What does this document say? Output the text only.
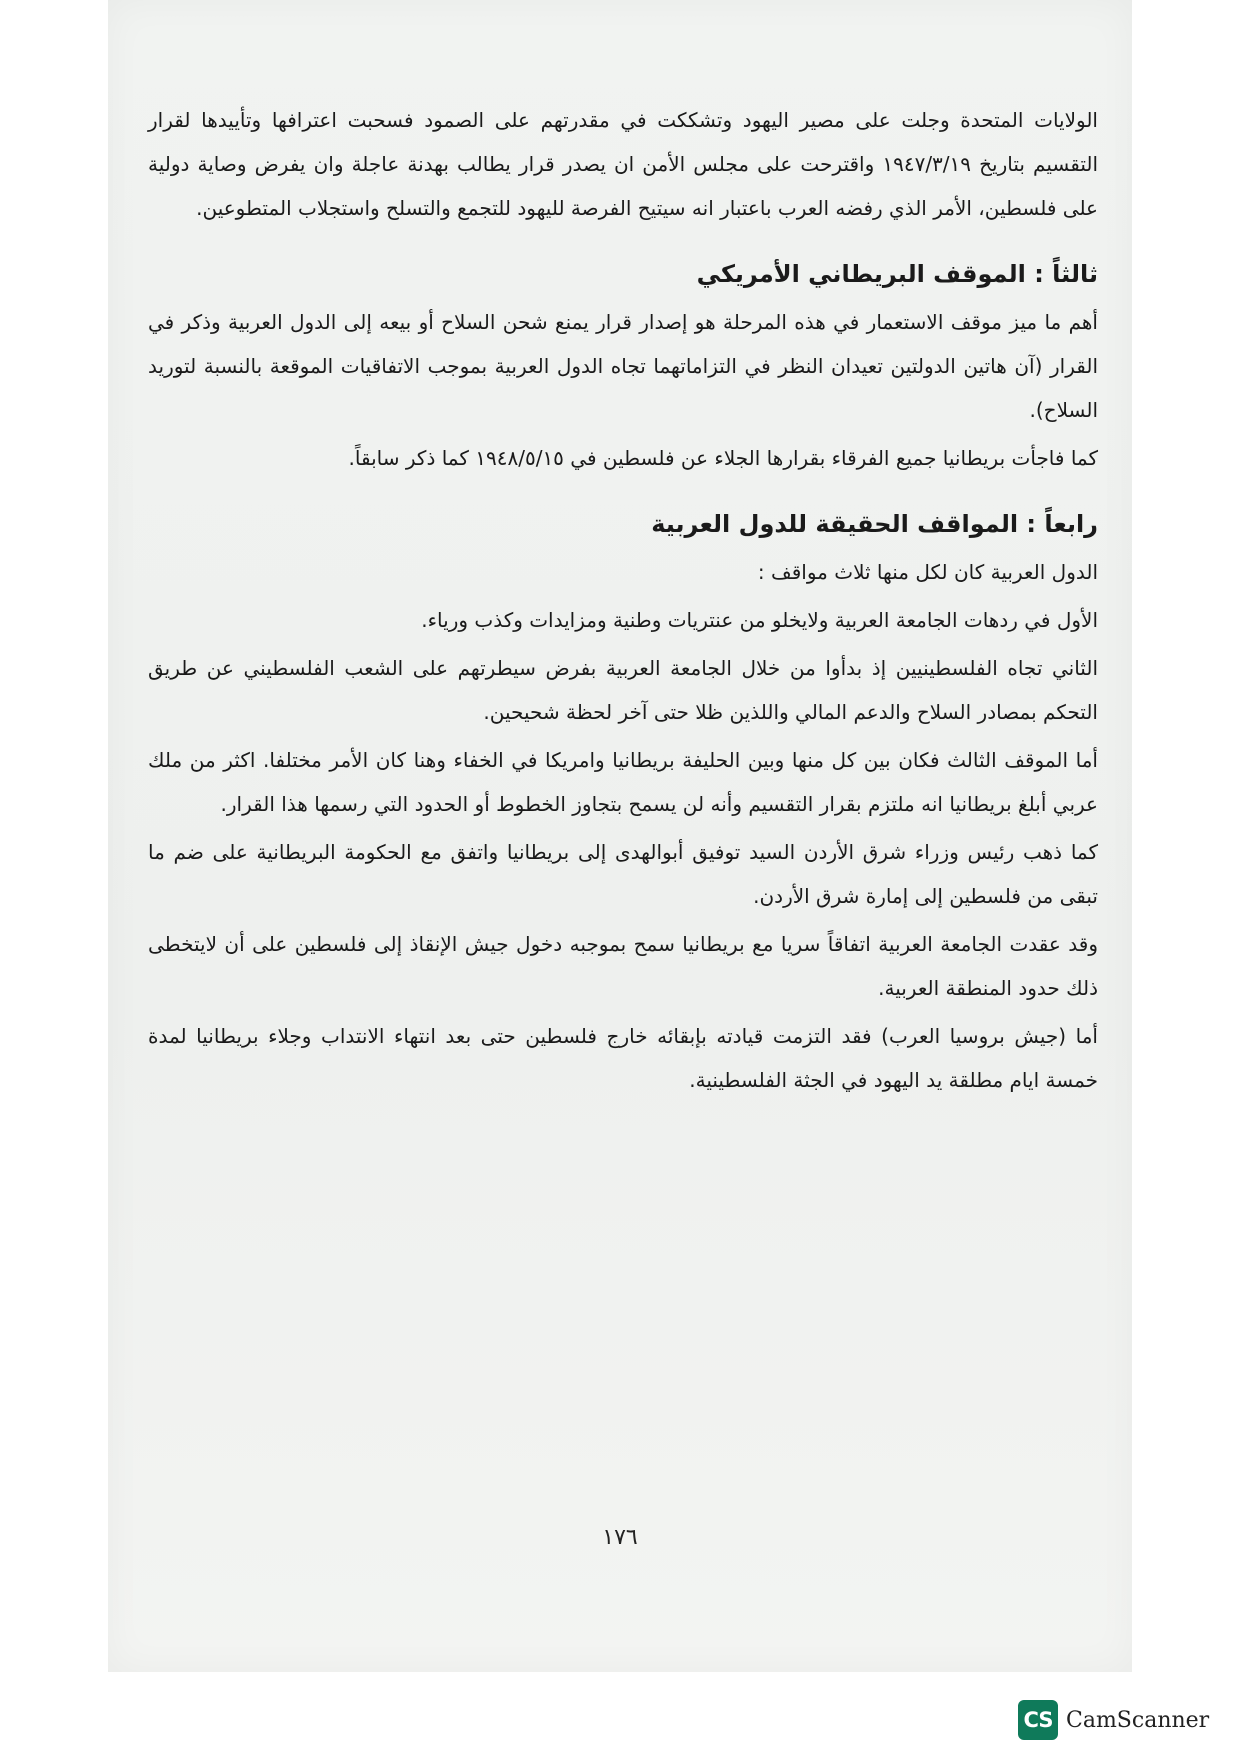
الولايات المتحدة وجلت على مصير اليهود وتشككت في مقدرتهم على الصمود فسحبت اعترافها وتأييدها لقرار التقسيم بتاريخ ١٩٤٧/٣/١٩ واقترحت على مجلس الأمن ان يصدر قرار يطالب بهدنة عاجلة وان يفرض وصاية دولية على فلسطين، الأمر الذي رفضه العرب باعتبار انه سيتيح الفرصة لليهود للتجمع والتسلح واستجلاب المتطوعين.

ثالثاً : الموقف البريطاني الأمريكي

أهم ما ميز موقف الاستعمار في هذه المرحلة هو إصدار قرار يمنع شحن السلاح أو بيعه إلى الدول العربية وذكر في القرار (آن هاتين الدولتين تعيدان النظر في التزاماتهما تجاه الدول العربية بموجب الاتفاقيات الموقعة بالنسبة لتوريد السلاح).

كما فاجأت بريطانيا جميع الفرقاء بقرارها الجلاء عن فلسطين في ١٩٤٨/٥/١٥ كما ذكر سابقاً.

رابعاً : المواقف الحقيقة للدول العربية

الدول العربية كان لكل منها ثلاث مواقف :

الأول في ردهات الجامعة العربية ولايخلو من عنتريات وطنية ومزايدات وكذب ورياء.

الثاني تجاه الفلسطينيين إذ بدأوا من خلال الجامعة العربية بفرض سيطرتهم على الشعب الفلسطيني عن طريق التحكم بمصادر السلاح والدعم المالي واللذين ظلا حتى آخر لحظة شحيحين.

أما الموقف الثالث فكان بين كل منها وبين الحليفة بريطانيا وامريكا في الخفاء وهنا كان الأمر مختلفا. اكثر من ملك عربي أبلغ بريطانيا انه ملتزم بقرار التقسيم وأنه لن يسمح بتجاوز الخطوط أو الحدود التي رسمها هذا القرار.

كما ذهب رئيس وزراء شرق الأردن السيد توفيق أبوالهدى إلى بريطانيا واتفق مع الحكومة البريطانية على ضم ما تبقى من فلسطين إلى إمارة شرق الأردن.

وقد عقدت الجامعة العربية اتفاقاً سريا مع بريطانيا سمح بموجبه دخول جيش الإنقاذ إلى فلسطين على أن لايتخطى ذلك حدود المنطقة العربية.

أما (جيش بروسيا العرب) فقد التزمت قيادته بإبقائه خارج فلسطين حتى بعد انتهاء الانتداب وجلاء بريطانيا لمدة خمسة ايام مطلقة يد اليهود في الجثة الفلسطينية.

١٧٦
CS CamScanner
